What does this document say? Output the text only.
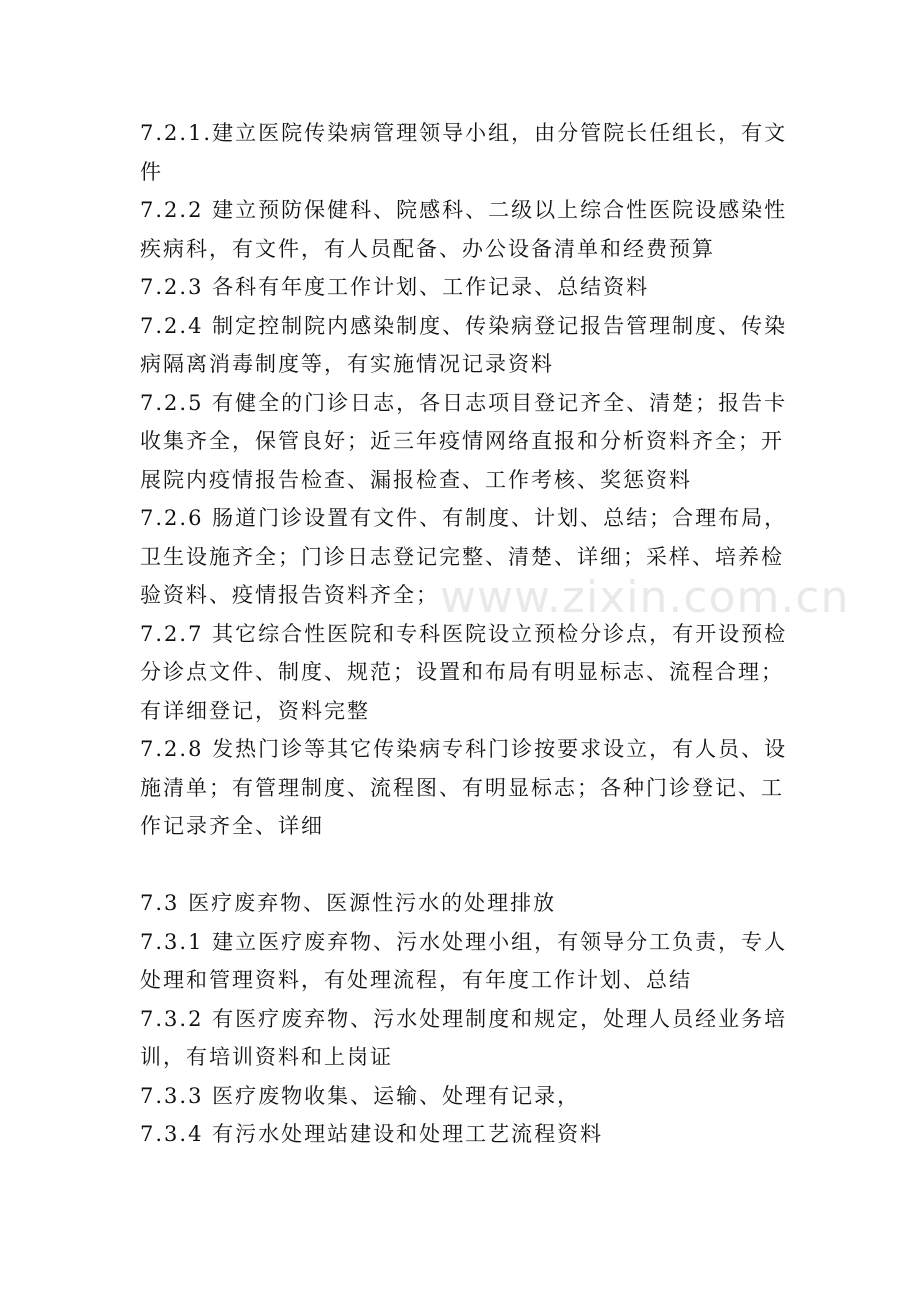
www.zixin.com.cn
7.2.1.建立医院传染病管理领导小组，由分管院长任组长，有文
件
7.2.2 建立预防保健科、院感科、二级以上综合性医院设感染性
疾病科，有文件，有人员配备、办公设备清单和经费预算
7.2.3 各科有年度工作计划、工作记录、总结资料
7.2.4 制定控制院内感染制度、传染病登记报告管理制度、传染
病隔离消毒制度等，有实施情况记录资料
7.2.5 有健全的门诊日志，各日志项目登记齐全、清楚；报告卡
收集齐全，保管良好；近三年疫情网络直报和分析资料齐全；开
展院内疫情报告检查、漏报检查、工作考核、奖惩资料
7.2.6 肠道门诊设置有文件、有制度、计划、总结；合理布局，
卫生设施齐全；门诊日志登记完整、清楚、详细；采样、培养检
验资料、疫情报告资料齐全；
7.2.7 其它综合性医院和专科医院设立预检分诊点，有开设预检
分诊点文件、制度、规范；设置和布局有明显标志、流程合理；
有详细登记，资料完整
7.2.8 发热门诊等其它传染病专科门诊按要求设立，有人员、设
施清单；有管理制度、流程图、有明显标志；各种门诊登记、工
作记录齐全、详细
7.3 医疗废弃物、医源性污水的处理排放
7.3.1 建立医疗废弃物、污水处理小组，有领导分工负责，专人
处理和管理资料，有处理流程，有年度工作计划、总结
7.3.2 有医疗废弃物、污水处理制度和规定，处理人员经业务培
训，有培训资料和上岗证
7.3.3 医疗废物收集、运输、处理有记录，
7.3.4 有污水处理站建设和处理工艺流程资料
